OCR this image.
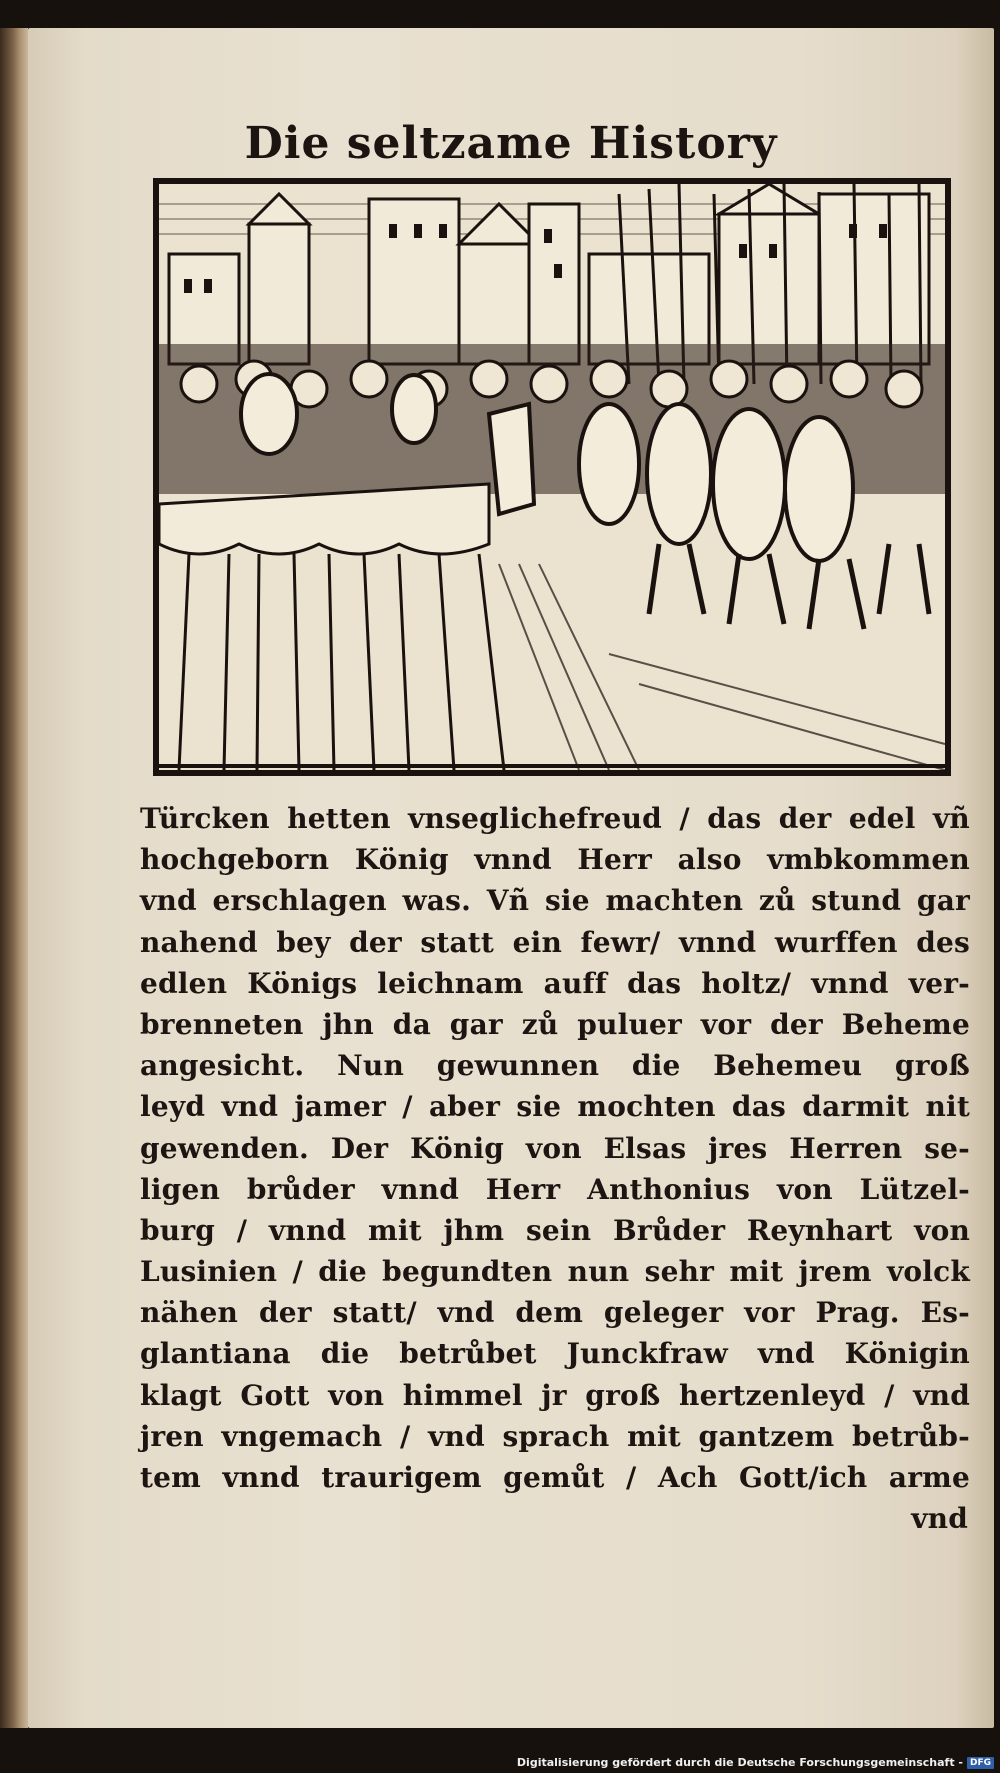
Die seltzame History
Türcken hetten vnseglichefreud / das der edel vñ
hochgeborn König vnnd Herr also vmbkommen
vnd erschlagen was. Vñ sie machten zů stund gar
nahend bey der statt ein fewr/ vnnd wurffen des
edlen Königs leichnam auff das holtz/ vnnd ver-
brenneten jhn da gar zů puluer vor der Beheme
angesicht. Nun gewunnen die Behemeu groß
leyd vnd jamer / aber sie mochten das darmit nit
gewenden. Der König von Elsas jres Herren se-
ligen brůder vnnd Herr Anthonius von Lützel-
burg / vnnd mit jhm sein Brůder Reynhart von
Lusinien / die begundten nun sehr mit jrem volck
nähen der statt/ vnd dem geleger vor Prag. Es-
glantiana die betrůbet Junckfraw vnd Königin
klagt Gott von himmel jr groß hertzenleyd / vnd
jren vngemach / vnd sprach mit gantzem betrůb-
tem vnnd traurigem gemůt / Ach Gott/ich arme
vnd
Digitalisierung gefördert durch die Deutsche Forschungsgemeinschaft - DFG
